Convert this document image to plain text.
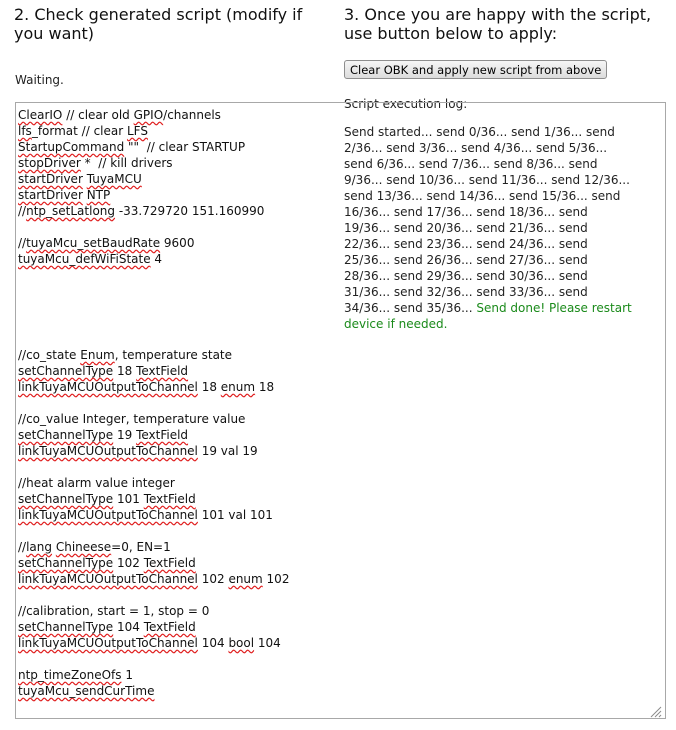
2. Check generated script (modify if you want)
3. Once you are happy with the script, use button below to apply:
Waiting.
Clear OBK and apply new script from above
Script execution log:
ClearIO // clear old GPIO/channels
lfs_format // clear LFS
StartupCommand ""  // clear STARTUP
stopDriver *  // kill drivers
startDriver TuyaMCU
startDriver NTP
//ntp_setLatlong -33.729720 151.160990

//tuyaMcu_setBaudRate 9600
tuyaMcu_defWiFiState 4

//co_state Enum, temperature state
setChannelType 18 TextField
linkTuyaMCUOutputToChannel 18 enum 18

//co_value Integer, temperature value
setChannelType 19 TextField
linkTuyaMCUOutputToChannel 19 val 19

//heat alarm value integer
setChannelType 101 TextField
linkTuyaMCUOutputToChannel 101 val 101

//lang Chineese=0, EN=1
setChannelType 102 TextField
linkTuyaMCUOutputToChannel 102 enum 102

//calibration, start = 1, stop = 0
setChannelType 104 TextField
linkTuyaMCUOutputToChannel 104 bool 104

ntp_timeZoneOfs 1
tuyaMcu_sendCurTime
Send started... send 0/36... send 1/36... send 2/36... send 3/36... send 4/36... send 5/36... send 6/36... send 7/36... send 8/36... send 9/36... send 10/36... send 11/36... send 12/36... send 13/36... send 14/36... send 15/36... send 16/36... send 17/36... send 18/36... send 19/36... send 20/36... send 21/36... send 22/36... send 23/36... send 24/36... send 25/36... send 26/36... send 27/36... send 28/36... send 29/36... send 30/36... send 31/36... send 32/36... send 33/36... send 34/36... send 35/36... Send done! Please restart device if needed.
